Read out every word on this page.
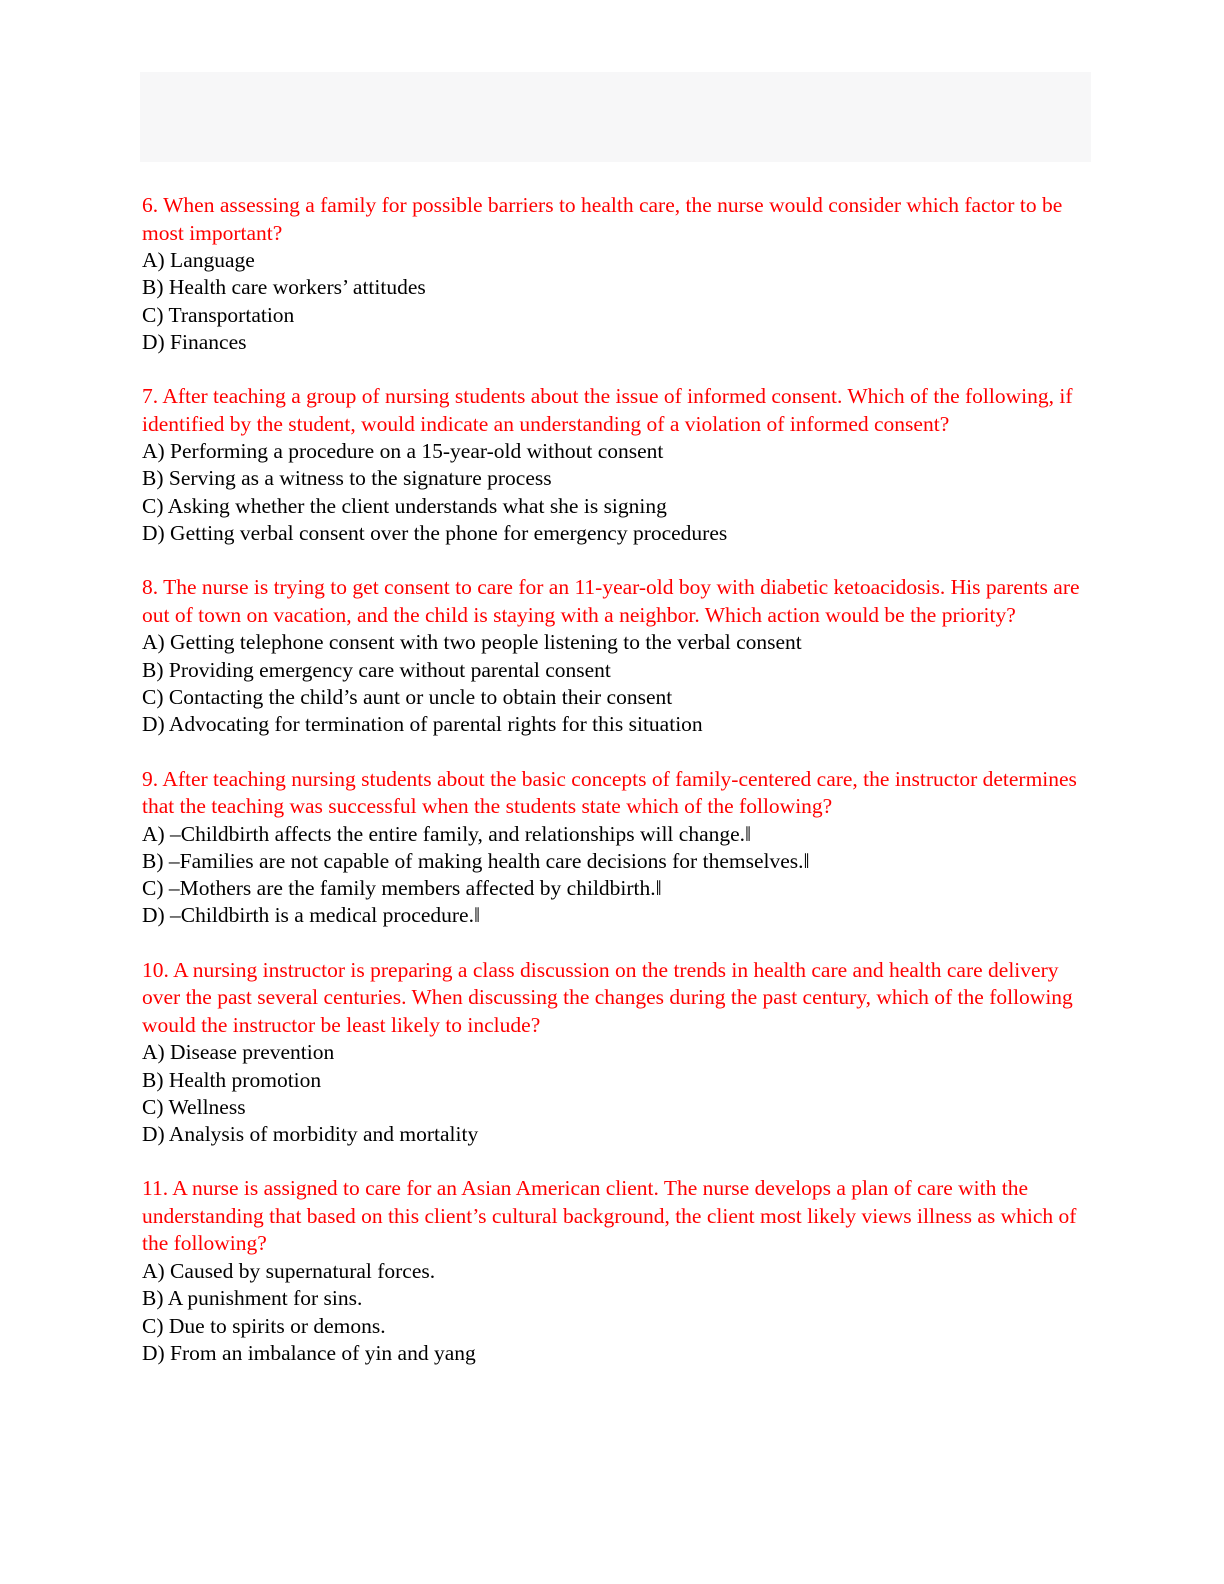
6. When assessing a family for possible barriers to health care, the nurse would consider which factor to be most important?

A) Language
B) Health care workers’ attitudes
C) Transportation
D) Finances

7. After teaching a group of nursing students about the issue of informed consent. Which of the following, if identified by the student, would indicate an understanding of a violation of informed consent?

A) Performing a procedure on a 15-year-old without consent
B) Serving as a witness to the signature process
C) Asking whether the client understands what she is signing
D) Getting verbal consent over the phone for emergency procedures

8. The nurse is trying to get consent to care for an 11-year-old boy with diabetic ketoacidosis. His parents are out of town on vacation, and the child is staying with a neighbor. Which action would be the priority?

A) Getting telephone consent with two people listening to the verbal consent
B) Providing emergency care without parental consent
C) Contacting the child’s aunt or uncle to obtain their consent
D) Advocating for termination of parental rights for this situation

9. After teaching nursing students about the basic concepts of family-centered care, the instructor determines that the teaching was successful when the students state which of the following?

A) –Childbirth affects the entire family, and relationships will change.‖
B) –Families are not capable of making health care decisions for themselves.‖
C) –Mothers are the family members affected by childbirth.‖
D) –Childbirth is a medical procedure.‖

10. A nursing instructor is preparing a class discussion on the trends in health care and health care delivery over the past several centuries. When discussing the changes during the past century, which of the following would the instructor be least likely to include?

A) Disease prevention
B) Health promotion
C) Wellness
D) Analysis of morbidity and mortality

11. A nurse is assigned to care for an Asian American client. The nurse develops a plan of care with the understanding that based on this client’s cultural background, the client most likely views illness as which of the following?

A) Caused by supernatural forces.
B) A punishment for sins.
C) Due to spirits or demons.
D) From an imbalance of yin and yang
